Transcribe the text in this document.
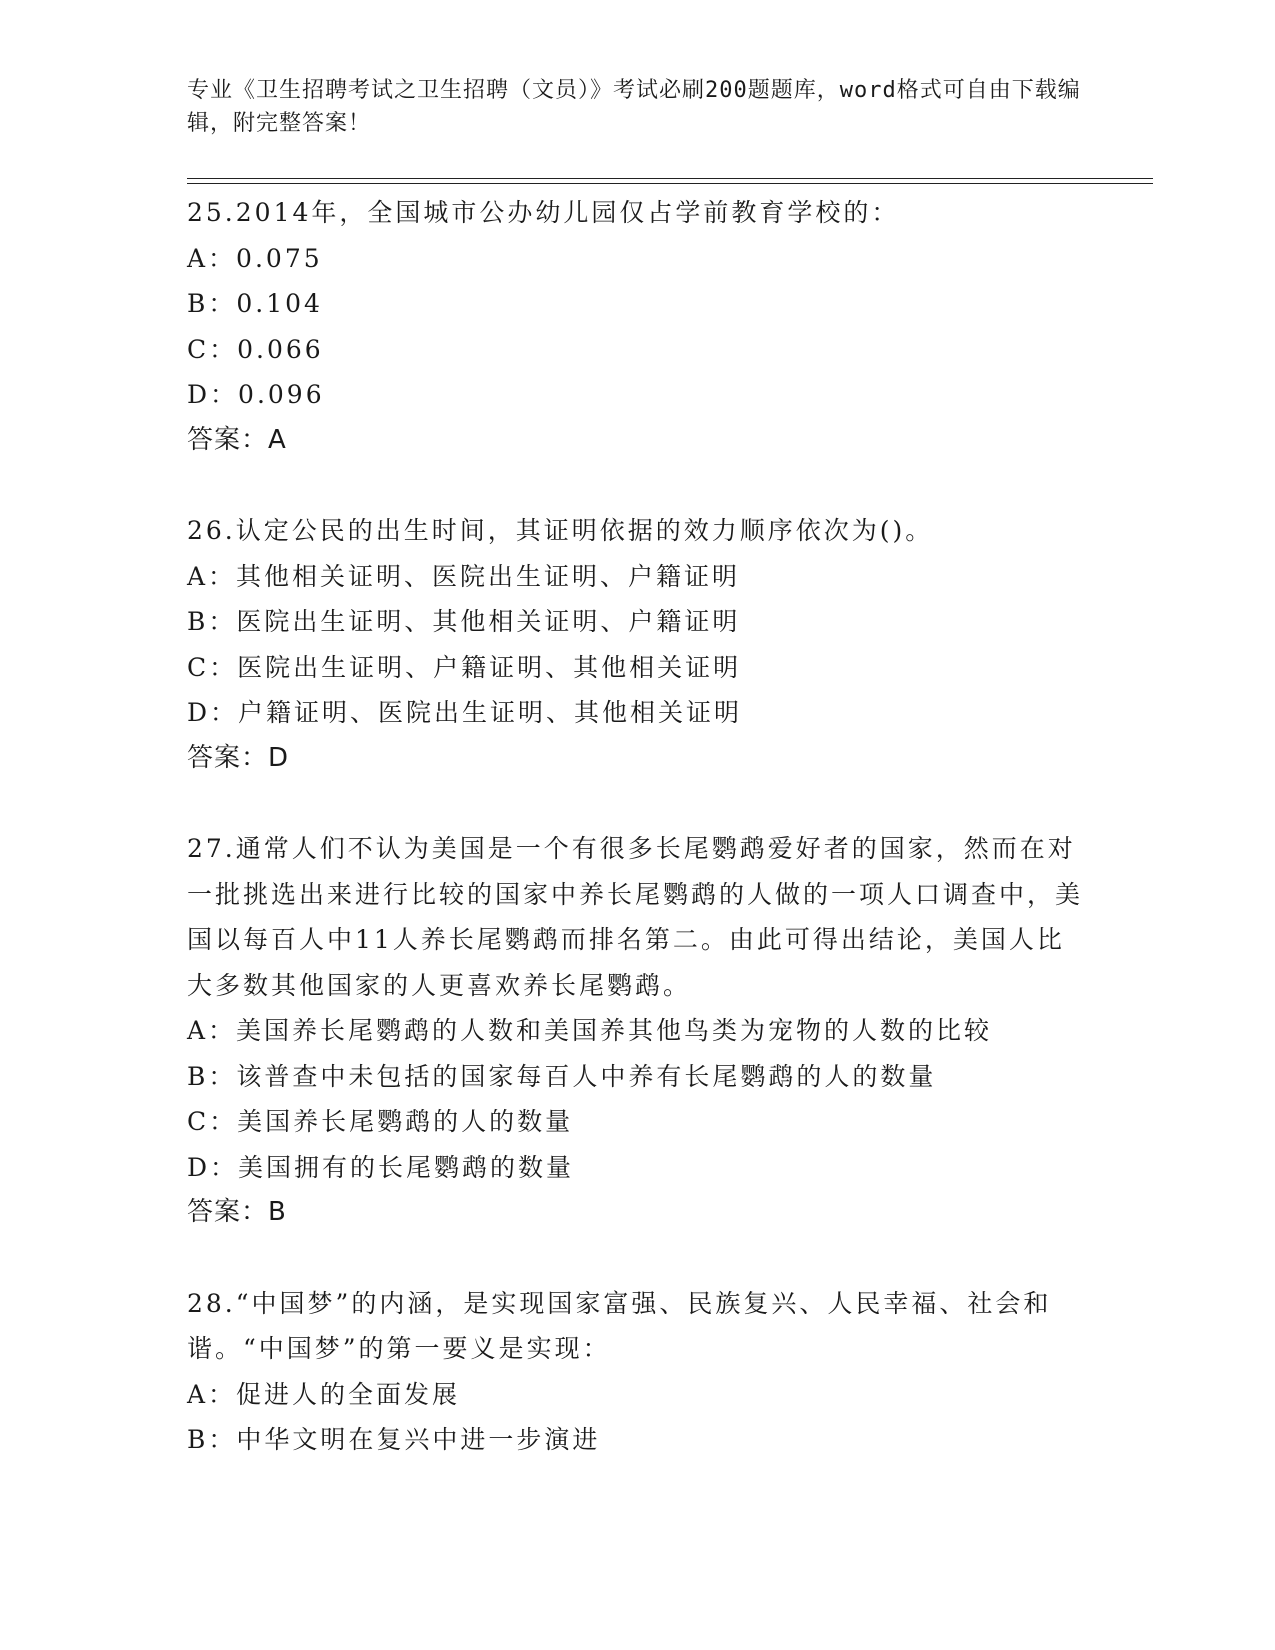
专业《卫生招聘考试之卫生招聘（文员）》考试必刷200题题库，word格式可自由下载编辑，附完整答案！

25.2014年，全国城市公办幼儿园仅占学前教育学校的：

A：0.075

B：0.104

C：0.066

D：0.096

答案：A

26.认定公民的出生时间，其证明依据的效力顺序依次为()。

A：其他相关证明、医院出生证明、户籍证明

B：医院出生证明、其他相关证明、户籍证明

C：医院出生证明、户籍证明、其他相关证明

D：户籍证明、医院出生证明、其他相关证明

答案：D

27.通常人们不认为美国是一个有很多长尾鹦鹉爱好者的国家，然而在对一批挑选出来进行比较的国家中养长尾鹦鹉的人做的一项人口调查中，美国以每百人中11人养长尾鹦鹉而排名第二。由此可得出结论，美国人比大多数其他国家的人更喜欢养长尾鹦鹉。

A：美国养长尾鹦鹉的人数和美国养其他鸟类为宠物的人数的比较

B：该普查中未包括的国家每百人中养有长尾鹦鹉的人的数量

C：美国养长尾鹦鹉的人的数量

D：美国拥有的长尾鹦鹉的数量

答案：B

28.“中国梦”的内涵，是实现国家富强、民族复兴、人民幸福、社会和谐。“中国梦”的第一要义是实现：

A：促进人的全面发展

B：中华文明在复兴中进一步演进
